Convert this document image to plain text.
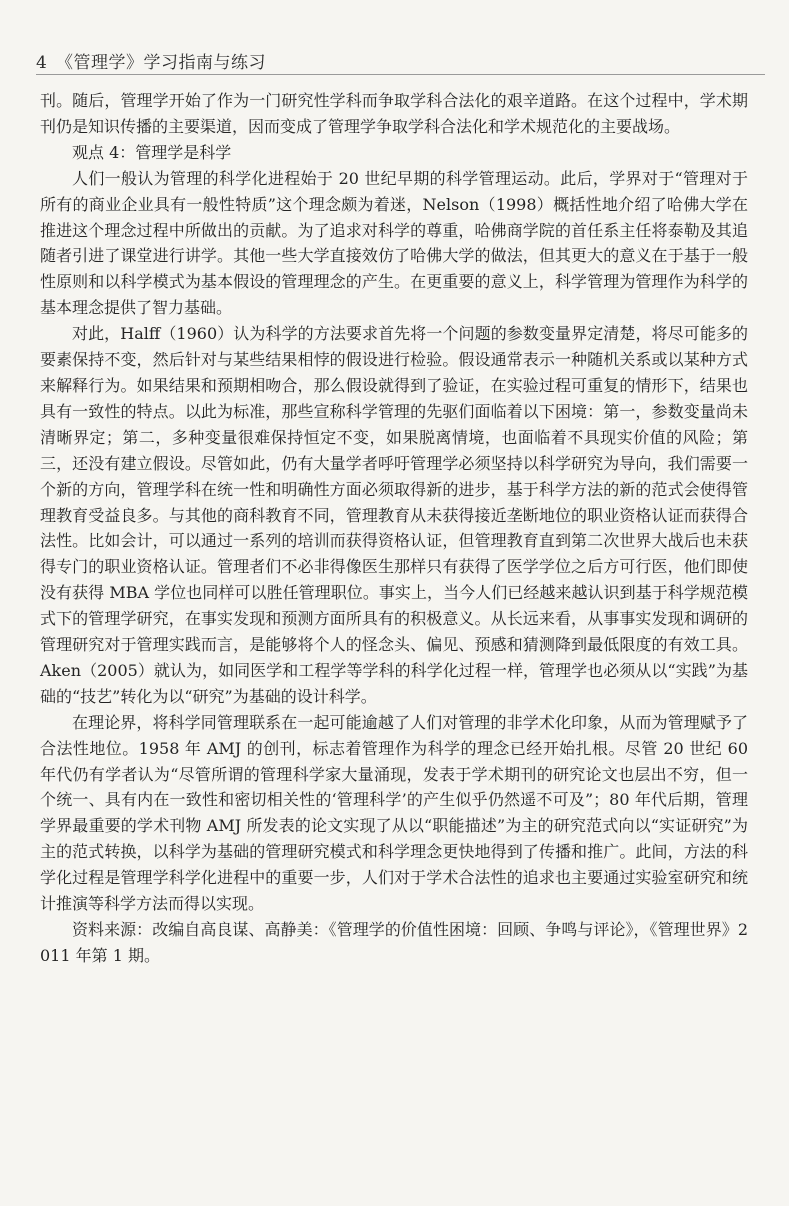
4 《管理学》学习指南与练习

刊。随后，管理学开始了作为一门研究性学科而争取学科合法化的艰辛道路。在这个过程中，学术期刊仍是知识传播的主要渠道，因而变成了管理学争取学科合法化和学术规范化的主要战场。

观点 4：管理学是科学

人们一般认为管理的科学化进程始于 20 世纪早期的科学管理运动。此后，学界对于“管理对于所有的商业企业具有一般性特质”这个理念颇为着迷，Nelson（1998）概括性地介绍了哈佛大学在推进这个理念过程中所做出的贡献。为了追求对科学的尊重，哈佛商学院的首任系主任将泰勒及其追随者引进了课堂进行讲学。其他一些大学直接效仿了哈佛大学的做法，但其更大的意义在于基于一般性原则和以科学模式为基本假设的管理理念的产生。在更重要的意义上，科学管理为管理作为科学的基本理念提供了智力基础。

对此，Halff（1960）认为科学的方法要求首先将一个问题的参数变量界定清楚，将尽可能多的要素保持不变，然后针对与某些结果相悖的假设进行检验。假设通常表示一种随机关系或以某种方式来解释行为。如果结果和预期相吻合，那么假设就得到了验证，在实验过程可重复的情形下，结果也具有一致性的特点。以此为标准，那些宣称科学管理的先驱们面临着以下困境：第一，参数变量尚未清晰界定；第二，多种变量很难保持恒定不变，如果脱离情境，也面临着不具现实价值的风险；第三，还没有建立假设。尽管如此，仍有大量学者呼吁管理学必须坚持以科学研究为导向，我们需要一个新的方向，管理学科在统一性和明确性方面必须取得新的进步，基于科学方法的新的范式会使得管理教育受益良多。与其他的商科教育不同，管理教育从未获得接近垄断地位的职业资格认证而获得合法性。比如会计，可以通过一系列的培训而获得资格认证，但管理教育直到第二次世界大战后也未获得专门的职业资格认证。管理者们不必非得像医生那样只有获得了医学学位之后方可行医，他们即使没有获得 MBA 学位也同样可以胜任管理职位。事实上，当今人们已经越来越认识到基于科学规范模式下的管理学研究，在事实发现和预测方面所具有的积极意义。从长远来看，从事事实发现和调研的管理研究对于管理实践而言，是能够将个人的怪念头、偏见、预感和猜测降到最低限度的有效工具。Aken（2005）就认为，如同医学和工程学等学科的科学化过程一样，管理学也必须从以“实践”为基础的“技艺”转化为以“研究”为基础的设计科学。

在理论界，将科学同管理联系在一起可能逾越了人们对管理的非学术化印象，从而为管理赋予了合法性地位。1958 年 AMJ 的创刊，标志着管理作为科学的理念已经开始扎根。尽管 20 世纪 60 年代仍有学者认为“尽管所谓的管理科学家大量涌现，发表于学术期刊的研究论文也层出不穷，但一个统一、具有内在一致性和密切相关性的‘管理科学’的产生似乎仍然遥不可及”；80 年代后期，管理学界最重要的学术刊物 AMJ 所发表的论文实现了从以“职能描述”为主的研究范式向以“实证研究”为主的范式转换，以科学为基础的管理研究模式和科学理念更快地得到了传播和推广。此间，方法的科学化过程是管理学科学化进程中的重要一步，人们对于学术合法性的追求也主要通过实验室研究和统计推演等科学方法而得以实现。

资料来源：改编自高良谋、高静美：《管理学的价值性困境：回顾、争鸣与评论》，《管理世界》2011 年第 1 期。
